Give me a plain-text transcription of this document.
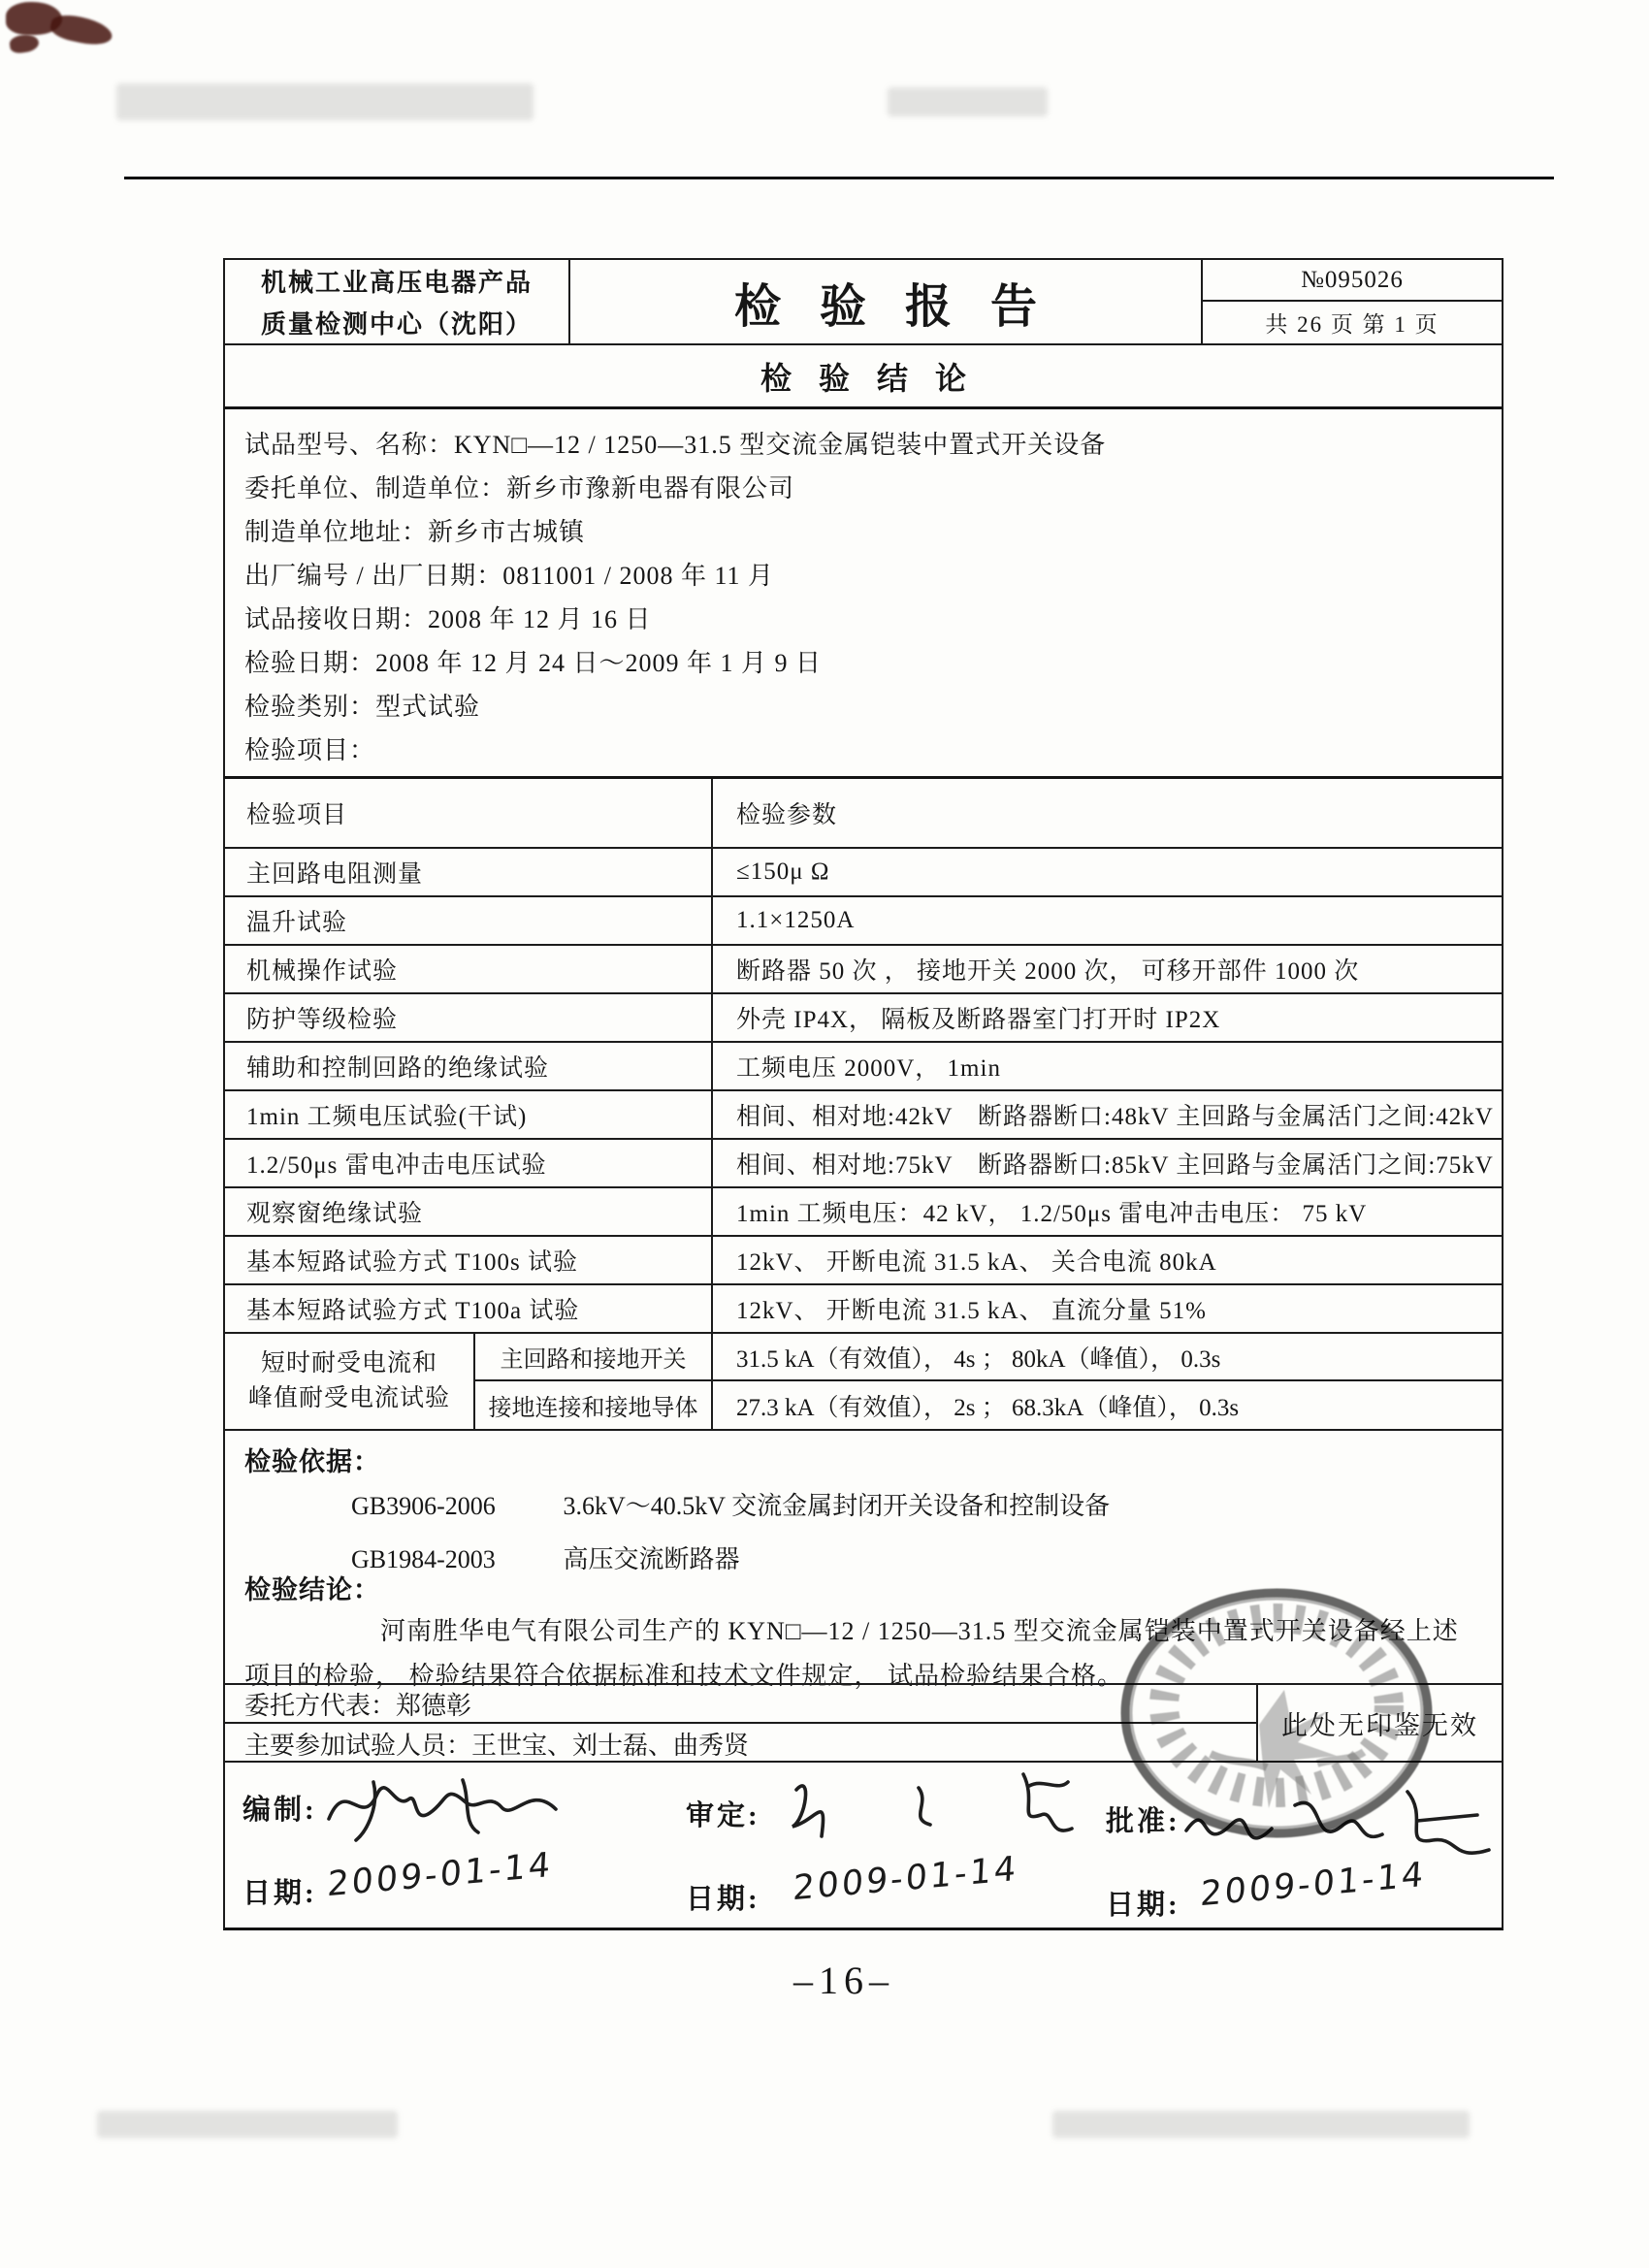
机械工业高压电器产品
质量检测中心（沈阳）	检验报告
№095026
共 26 页 第 1 页
检验结论
试品型号、名称：KYN□—12 / 1250—31.5 型交流金属铠装中置式开关设备
委托单位、制造单位：新乡市豫新电器有限公司
制造单位地址：新乡市古城镇
出厂编号 / 出厂日期：0811001 / 2008 年 11 月
试品接收日期：2008 年 12 月 16 日
检验日期：2008 年 12 月 24 日～2009 年 1 月 9 日
检验类别：型式试验
检验项目：
检验项目	检验参数
主回路电阻测量	≤150μ Ω
温升试验	1.1×1250A
机械操作试验	断路器 50 次 ， 接地开关 2000 次， 可移开部件 1000 次
防护等级检验	外壳 IP4X， 隔板及断路器室门打开时 IP2X
辅助和控制回路的绝缘试验	工频电压 2000V， 1min
1min 工频电压试验(干试)	相间、相对地:42kV　断路器断口:48kV 主回路与金属活门之间:42kV
1.2/50μs 雷电冲击电压试验	相间、相对地:75kV　断路器断口:85kV 主回路与金属活门之间:75kV
观察窗绝缘试验	1min 工频电压：42 kV， 1.2/50μs 雷电冲击电压： 75 kV
基本短路试验方式 T100s 试验	12kV、 开断电流 31.5 kA、 关合电流 80kA
基本短路试验方式 T100a 试验	12kV、 开断电流 31.5 kA、 直流分量 51%
短时耐受电流和
峰值耐受电流试验
主回路和接地开关	31.5 kA（有效值）， 4s ； 80kA（峰值）， 0.3s
接地连接和接地导体	27.3 kA（有效值）， 2s ； 68.3kA（峰值）， 0.3s
检验依据：
GB3906-2006	3.6kV～40.5kV 交流金属封闭开关设备和控制设备
GB1984-2003	高压交流断路器
检验结论：
河南胜华电气有限公司生产的 KYN□—12 / 1250—31.5 型交流金属铠装中置式开关设备经上述
项目的检验， 检验结果符合依据标准和技术文件规定， 试品检验结果合格。
委托方代表：郑德彰
主要参加试验人员：王世宝、刘士磊、曲秀贤
此处无印鉴无效
编制:	审定:	批准:
日期:	日期:	日期:
2009-01-14	2009-01-14	2009-01-14
–16–
